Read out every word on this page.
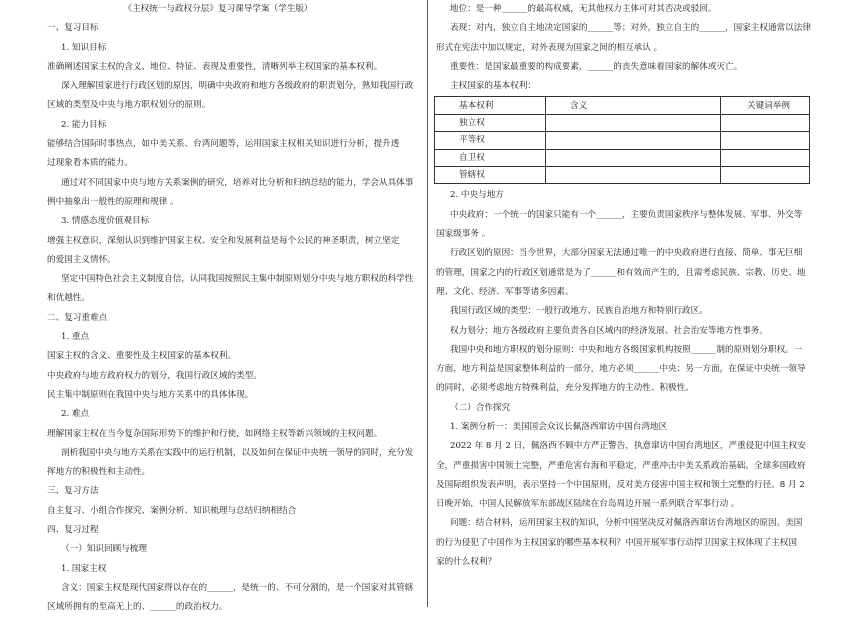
《主权统一与政权分层》复习课导学案（学生版）
一、复习目标
1. 知识目标
准确阐述国家主权的含义、地位、特征、表现及重要性，清晰列举主权国家的基本权利。
深入理解国家进行行政区划的原因，明确中央政府和地方各级政府的职责划分，熟知我国行政
区域的类型及中央与地方职权划分的原则。
2. 能力目标
能够结合国际时事热点，如中美关系、台湾问题等，运用国家主权相关知识进行分析，提升透
过现象看本质的能力。
通过对不同国家中央与地方关系案例的研究，培养对比分析和归纳总结的能力，学会从具体事
例中抽象出一般性的原理和规律 。
3. 情感态度价值观目标
增强主权意识，深刻认识到维护国家主权、安全和发展利益是每个公民的神圣职责，树立坚定
的爱国主义情怀。
坚定中国特色社会主义制度自信，认同我国按照民主集中制原则划分中央与地方职权的科学性
和优越性。
二、复习重难点
1. 重点
国家主权的含义、重要性及主权国家的基本权利。
中央政府与地方政府权力的划分，我国行政区域的类型。
民主集中制原则在我国中央与地方关系中的具体体现。
2. 难点
理解国家主权在当今复杂国际形势下的维护和行使，如网络主权等新兴领域的主权问题。
剖析我国中央与地方关系在实践中的运行机制，以及如何在保证中央统一领导的同时，充分发
挥地方的积极性和主动性。
三、复习方法
自主复习、小组合作探究、案例分析、知识梳理与总结归纳相结合
四、复习过程
（一）知识回顾与梳理
1. 国家主权
含义：国家主权是现代国家得以存在的______，是统一的、不可分割的，是一个国家对其管辖
区域所拥有的至高无上的、______的政治权力。
地位：是一种______的最高权威，无其他权力主体可对其否决或驳回。
表现：对内，独立自主地决定国家的______等；对外，独立自主的______，国家主权通常以法律
形式在宪法中加以规定，对外表现为国家之间的相互承认 。
重要性：是国家最重要的构成要素，______的丧失意味着国家的解体或灭亡。
主权国家的基本权利：
基本权利	含义	关键词举例
独立权		
平等权		
自卫权		
管辖权		
2. 中央与地方
中央政府：一个统一的国家只能有一个______，主要负责国家秩序与整体发展、军事、外交等
国家级事务 。
行政区划的原因：当今世界，大部分国家无法通过唯一的中央政府进行直接、简单、事无巨细
的管理，国家之内的行政区划通常是为了______和有效而产生的，且需考虑民族、宗教、历史、地
理、文化、经济、军事等诸多因素。
我国行政区域的类型：一般行政地方、民族自治地方和特别行政区。
权力划分：地方各级政府主要负责各自区域内的经济发展、社会治安等地方性事务。
我国中央和地方职权的划分原则：中央和地方各级国家机构按照______制的原则划分职权。一
方面，地方利益是国家整体利益的一部分，地方必须______中央；另一方面，在保证中央统一领导
的同时，必须考虑地方特殊利益，充分发挥地方的主动性、积极性。
（二）合作探究
1. 案例分析一：美国国会众议长佩洛西窜访中国台湾地区
2022 年 8 月 2 日，佩洛西不顾中方严正警告，执意窜访中国台湾地区，严重侵犯中国主权安
全，严重损害中国领土完整，严重危害台海和平稳定，严重冲击中美关系政治基础。全球多国政府
及国际组织发表声明，表示坚持一个中国原则，反对美方侵害中国主权和领土完整的行径。8 月 2
日晚开始，中国人民解放军东部战区陆续在台岛周边开展一系列联合军事行动 。
问题：结合材料，运用国家主权的知识，分析中国坚决反对佩洛西窜访台湾地区的原因。美国
的行为侵犯了中国作为主权国家的哪些基本权利？中国开展军事行动捍卫国家主权体现了主权国
家的什么权利？
